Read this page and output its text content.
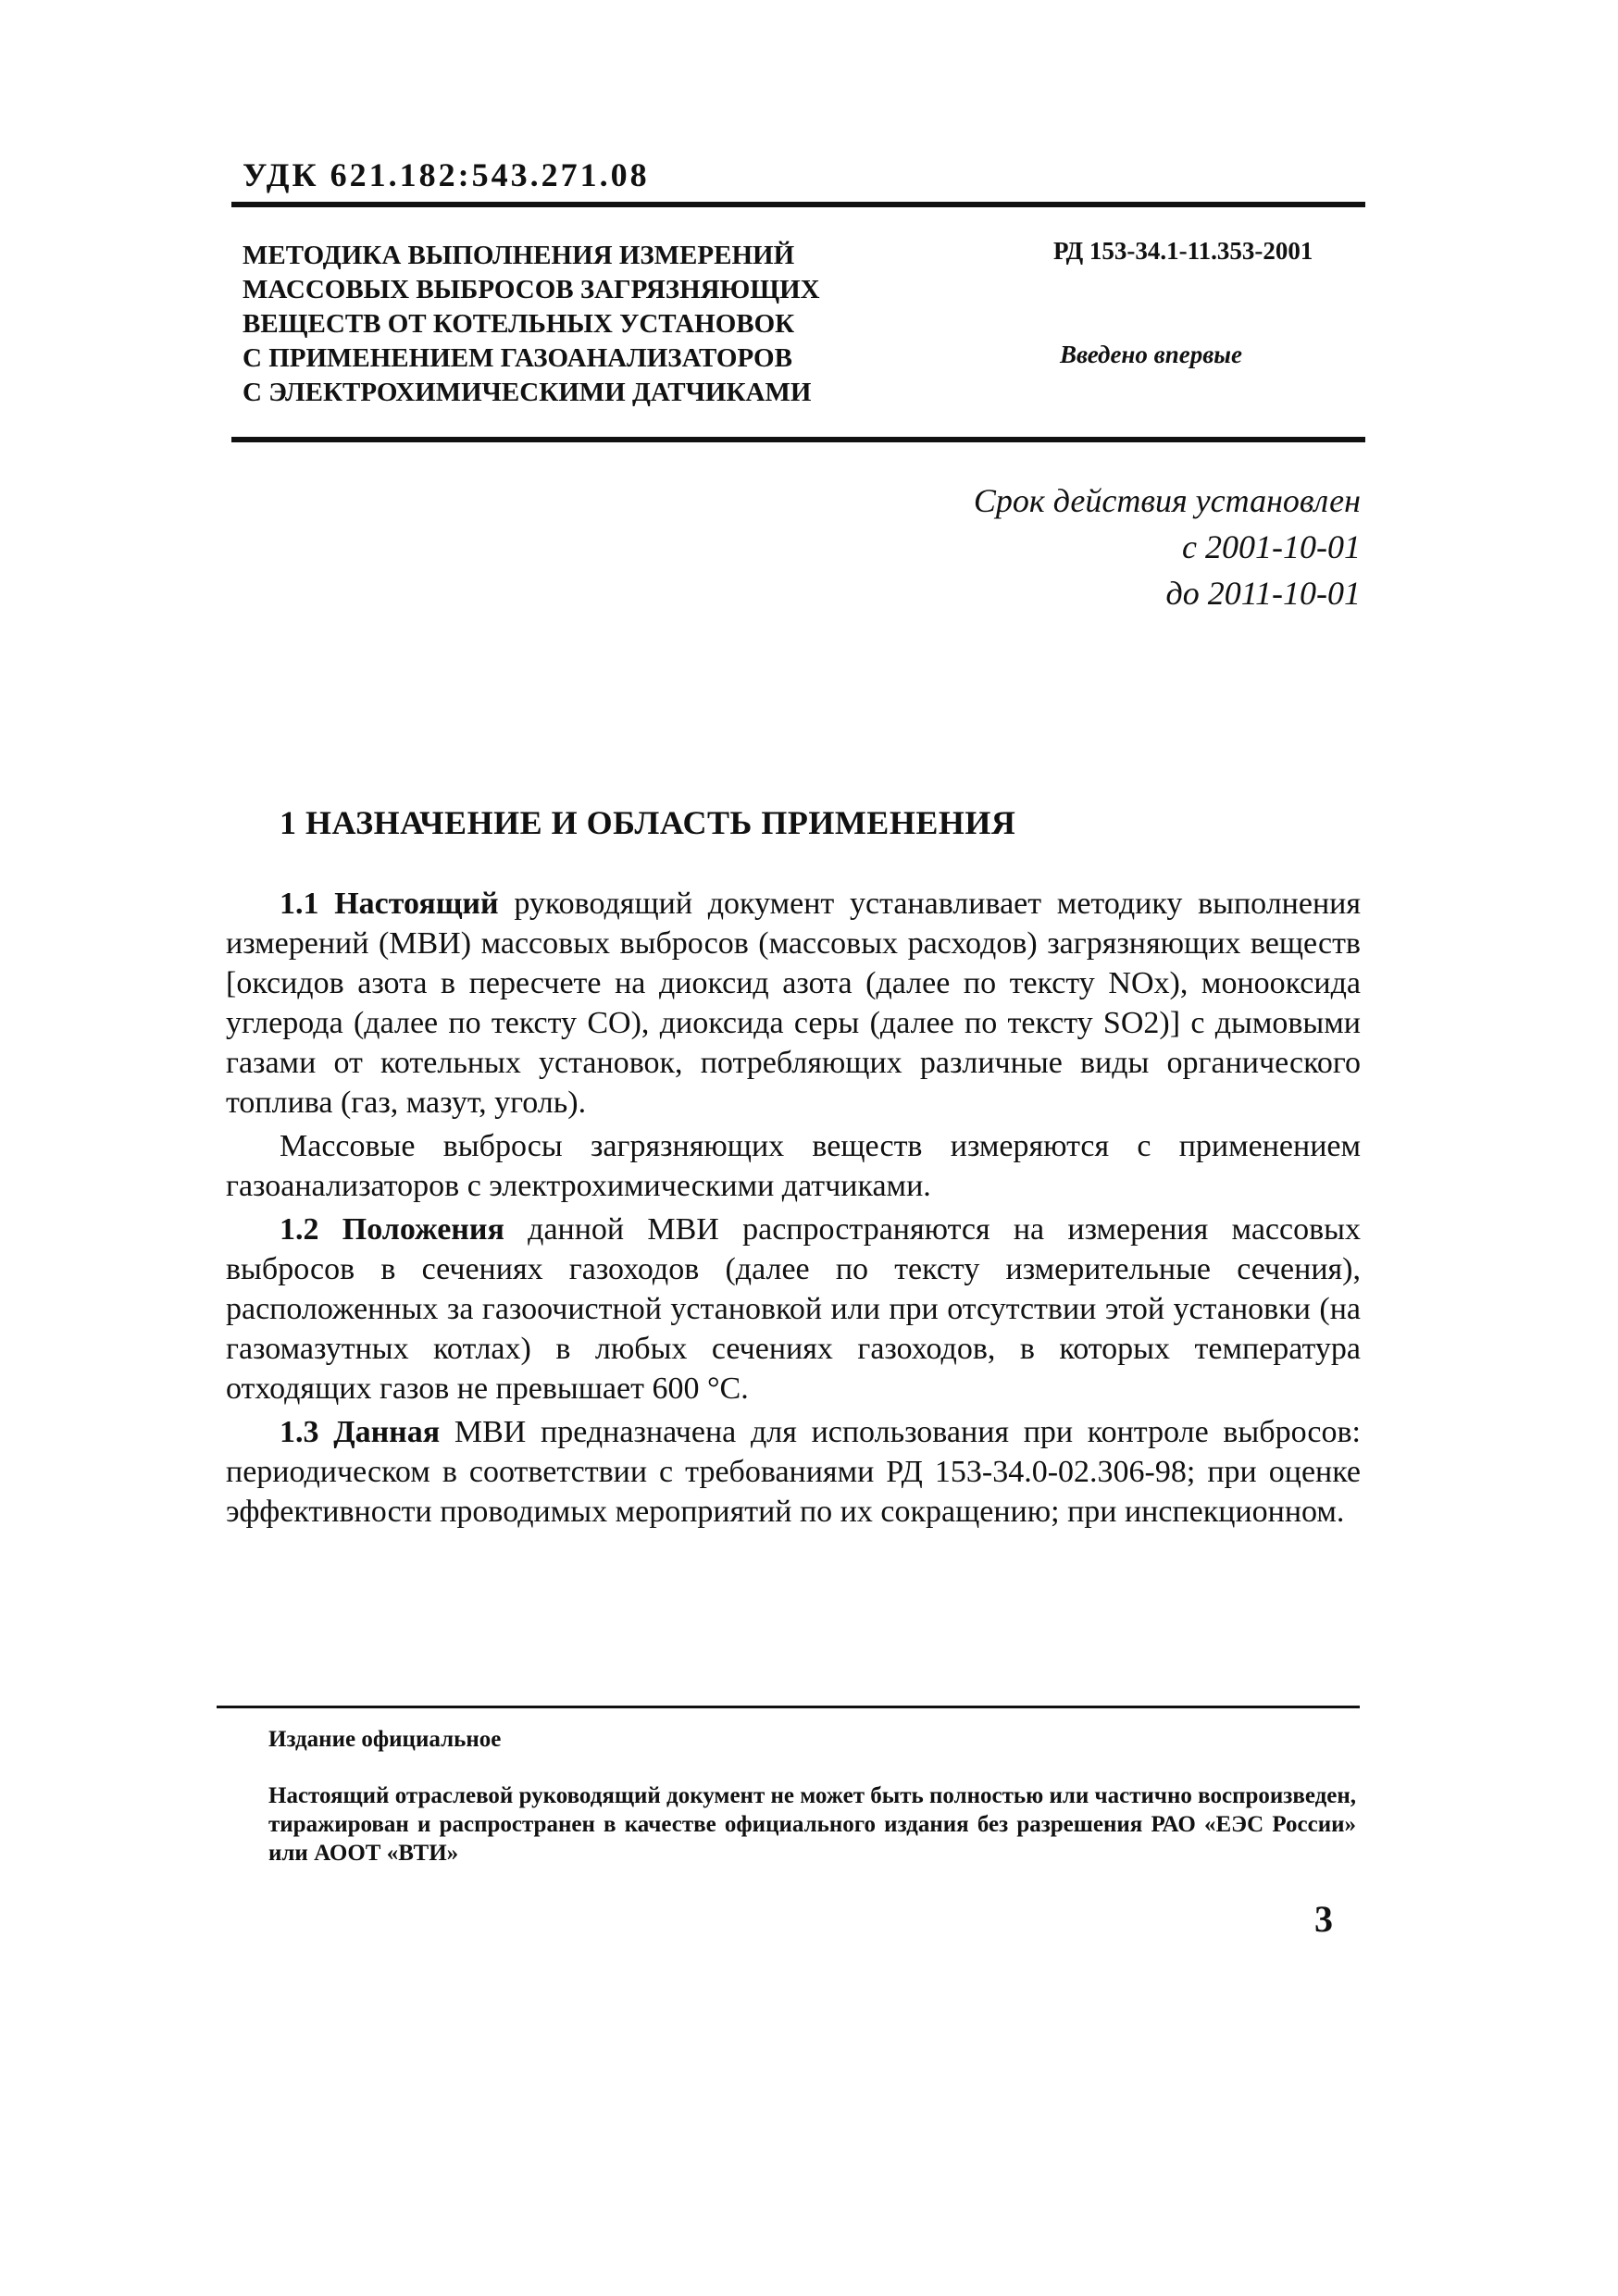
УДК 621.182:543.271.08
МЕТОДИКА ВЫПОЛНЕНИЯ ИЗМЕРЕНИЙ
МАССОВЫХ ВЫБРОСОВ ЗАГРЯЗНЯЮЩИХ
ВЕЩЕСТВ ОТ КОТЕЛЬНЫХ УСТАНОВОК
С ПРИМЕНЕНИЕМ ГАЗОАНАЛИЗАТОРОВ
С ЭЛЕКТРОХИМИЧЕСКИМИ ДАТЧИКАМИ
РД 153-34.1-11.353-2001
Введено впервые
Срок действия установлен
с 2001-10-01
до 2011-10-01
1 НАЗНАЧЕНИЕ И ОБЛАСТЬ ПРИМЕНЕНИЯ

1.1 Настоящий руководящий документ устанавливает методику выполнения измерений (МВИ) массовых выбросов (массовых расходов) загрязняющих веществ [оксидов азота в пересчете на диоксид азота (далее по тексту NOx), монооксида углерода (далее по тексту CO), диоксида серы (далее по тексту SO2)] с дымовыми газами от котельных установок, потребляющих различные виды органического топлива (газ, мазут, уголь).

Массовые выбросы загрязняющих веществ измеряются с применением газоанализаторов с электрохимическими датчиками.

1.2 Положения данной МВИ распространяются на измерения массовых выбросов в сечениях газоходов (далее по тексту измерительные сечения), расположенных за газоочистной установкой или при отсутствии этой установки (на газомазутных котлах) в любых сечениях газоходов, в которых температура отходящих газов не превышает 600 °С.

1.3 Данная МВИ предназначена для использования при контроле выбросов: периодическом в соответствии с требованиями РД 153-34.0-02.306-98; при оценке эффективности проводимых мероприятий по их сокращению; при инспекционном.

Издание официальное
Настоящий отраслевой руководящий документ не может быть полностью или частично воспроизведен, тиражирован и распространен в качестве официального издания без разрешения РАО «ЕЭС России» или АООТ «ВТИ»
3
